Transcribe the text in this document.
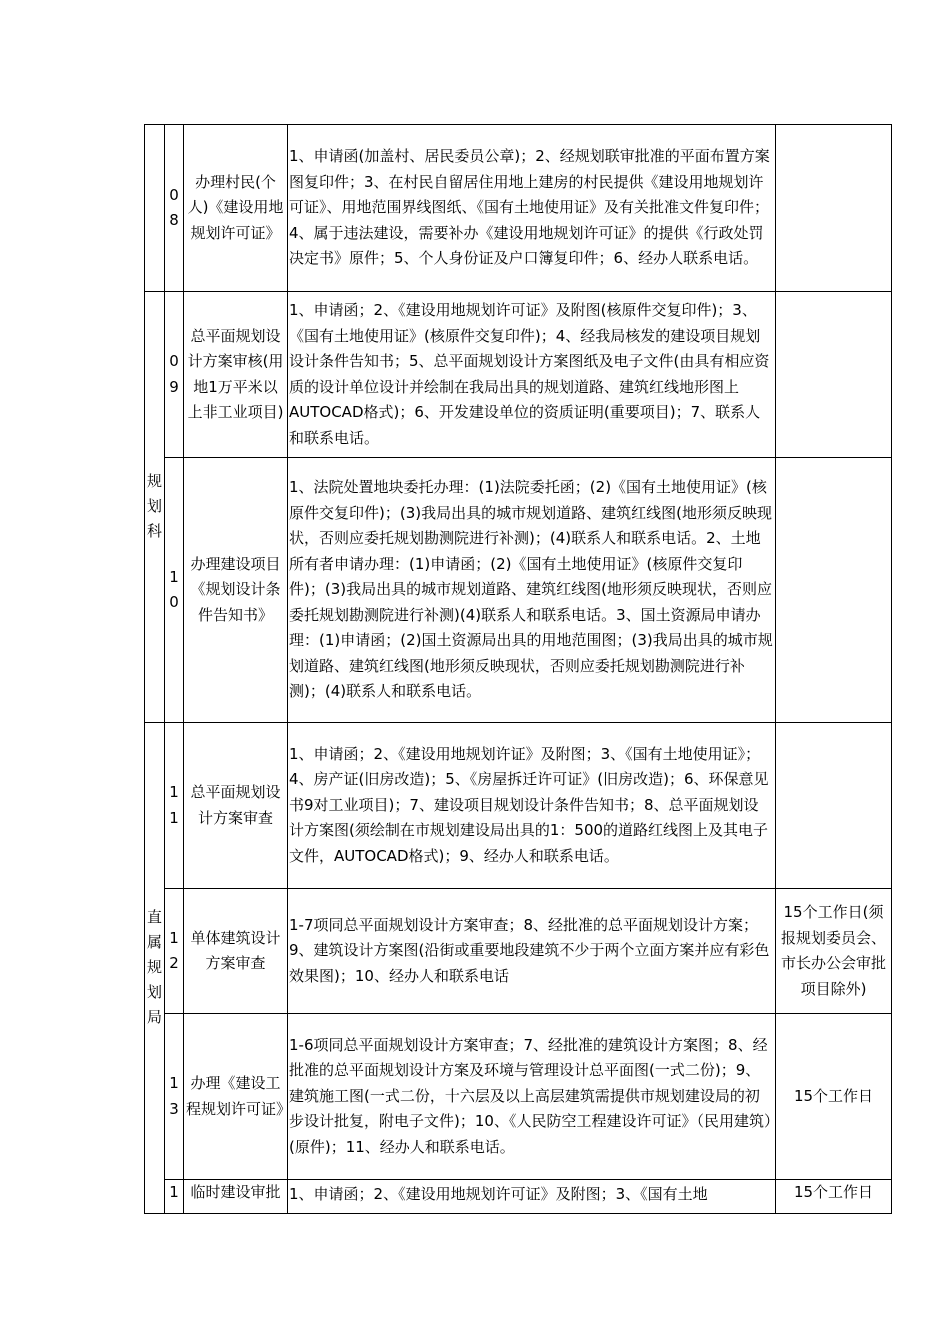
	08	办理村民(个人)《建设用地规划许可证》	1、申请函(加盖村、居民委员公章)；2、经规划联审批准的平面布置方案图复印件；3、在村民自留居住用地上建房的村民提供《建设用地规划许可证》、用地范围界线图纸、《国有土地使用证》及有关批准文件复印件；4、属于违法建设，需要补办《建设用地规划许可证》的提供《行政处罚决定书》原件；5、个人身份证及户口簿复印件；6、经办人联系电话。	
规划科	09	总平面规划设计方案审核(用地1万平米以上非工业项目)	1、申请函；2、《建设用地规划许可证》及附图(核原件交复印件)；3、《国有土地使用证》(核原件交复印件)；4、经我局核发的建设项目规划设计条件告知书；5、总平面规划设计方案图纸及电子文件(由具有相应资质的设计单位设计并绘制在我局出具的规划道路、建筑红线地形图上AUTOCAD格式)；6、开发建设单位的资质证明(重要项目)；7、联系人和联系电话。	
	10	办理建设项目《规划设计条件告知书》	1、法院处置地块委托办理：(1)法院委托函；(2)《国有土地使用证》(核原件交复印件)；(3)我局出具的城市规划道路、建筑红线图(地形须反映现状，否则应委托规划勘测院进行补测)；(4)联系人和联系电话。2、土地所有者申请办理：(1)申请函；(2)《国有土地使用证》(核原件交复印件)；(3)我局出具的城市规划道路、建筑红线图(地形须反映现状，否则应委托规划勘测院进行补测)(4)联系人和联系电话。3、国土资源局申请办理：(1)申请函；(2)国土资源局出具的用地范围图；(3)我局出具的城市规划道路、建筑红线图(地形须反映现状，否则应委托规划勘测院进行补测)；(4)联系人和联系电话。	
直属规划局	11	总平面规划设计方案审查	1、申请函；2、《建设用地规划许证》及附图；3、《国有土地使用证》；4、房产证(旧房改造)；5、《房屋拆迁许可证》(旧房改造)；6、环保意见书9对工业项目)；7、建设项目规划设计条件告知书；8、总平面规划设计方案图(须绘制在市规划建设局出具的1：500的道路红线图上及其电子文件，AUTOCAD格式)；9、经办人和联系电话。	
	12	单体建筑设计方案审查	1-7项同总平面规划设计方案审查；8、经批准的总平面规划设计方案；9、建筑设计方案图(沿街或重要地段建筑不少于两个立面方案并应有彩色效果图)；10、经办人和联系电话	15个工作日(须报规划委员会、市长办公会审批项目除外)
	13	办理《建设工程规划许可证》	1-6项同总平面规划设计方案审查；7、经批准的建筑设计方案图；8、经批准的总平面规划设计方案及环境与管理设计总平面图(一式二份)；9、建筑施工图(一式二份，十六层及以上高层建筑需提供市规划建设局的初步设计批复，附电子文件)；10、《人民防空工程建设许可证》（民用建筑）(原件)；11、经办人和联系电话。	15个工作日
	1	临时建设审批	1、申请函；2、《建设用地规划许可证》及附图；3、《国有土地	15个工作日
